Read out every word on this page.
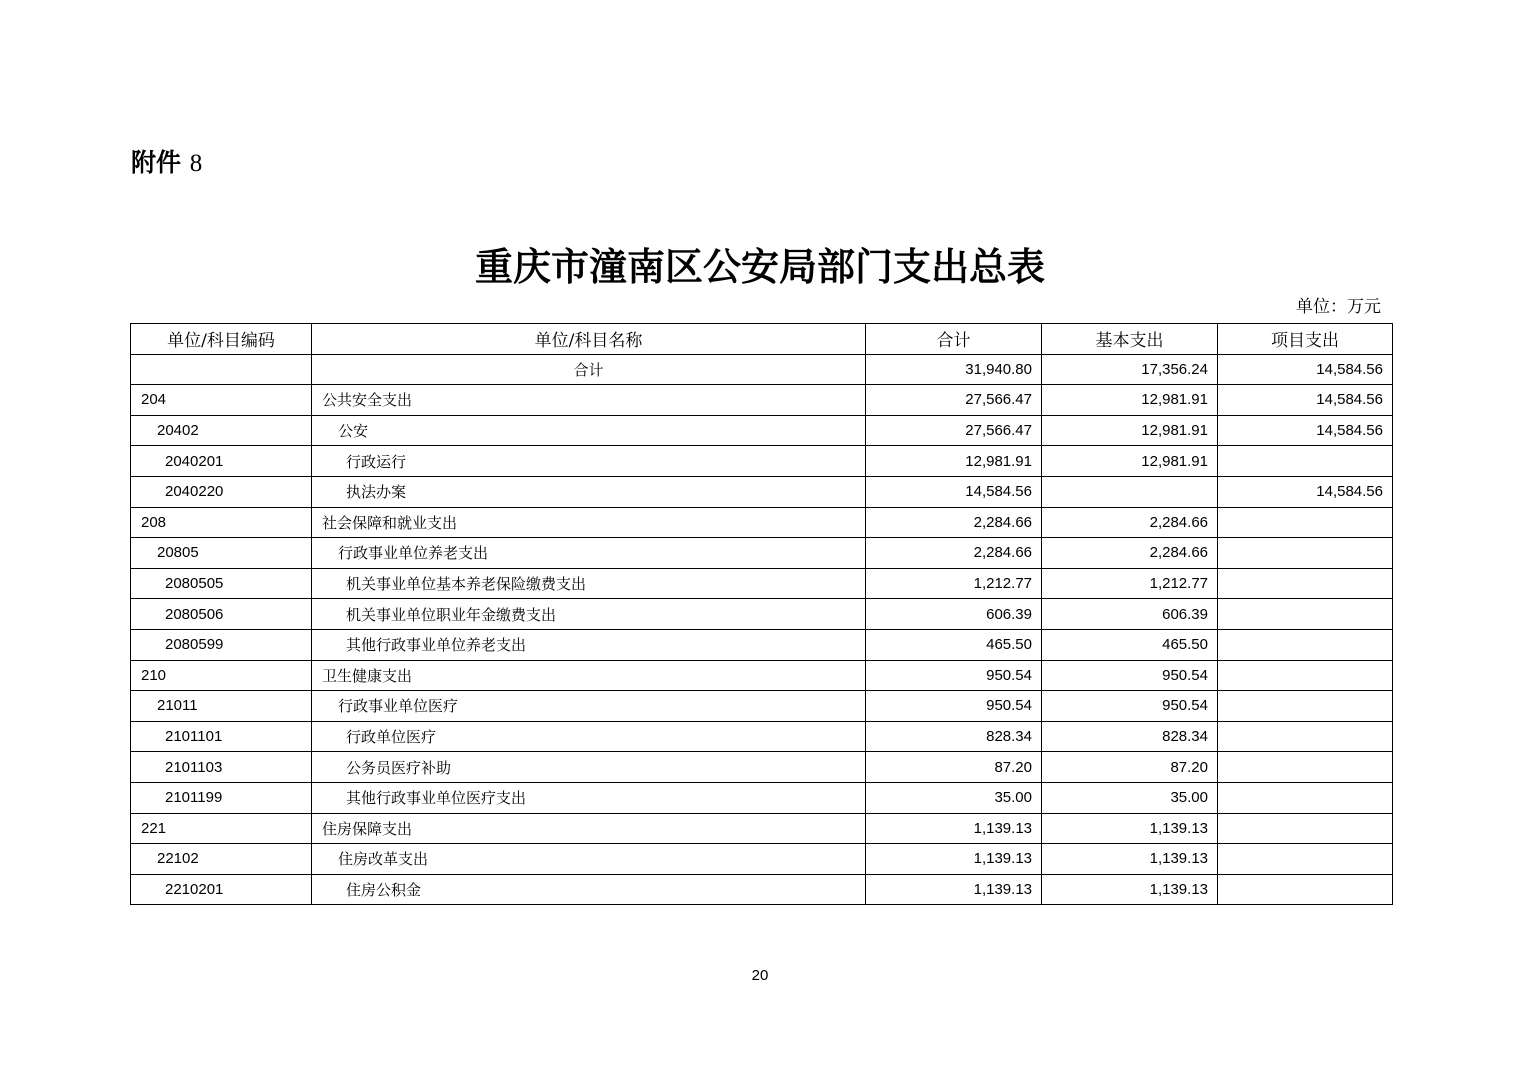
附件 8
重庆市潼南区公安局部门支出总表
单位：万元
单位/科目编码	单位/科目名称	合计	基本支出	项目支出
	合计	31,940.80	17,356.24	14,584.56
204	公共安全支出	27,566.47	12,981.91	14,584.56
20402	公安	27,566.47	12,981.91	14,584.56
2040201	行政运行	12,981.91	12,981.91	
2040220	执法办案	14,584.56		14,584.56
208	社会保障和就业支出	2,284.66	2,284.66	
20805	行政事业单位养老支出	2,284.66	2,284.66	
2080505	机关事业单位基本养老保险缴费支出	1,212.77	1,212.77	
2080506	机关事业单位职业年金缴费支出	606.39	606.39	
2080599	其他行政事业单位养老支出	465.50	465.50	
210	卫生健康支出	950.54	950.54	
21011	行政事业单位医疗	950.54	950.54	
2101101	行政单位医疗	828.34	828.34	
2101103	公务员医疗补助	87.20	87.20	
2101199	其他行政事业单位医疗支出	35.00	35.00	
221	住房保障支出	1,139.13	1,139.13	
22102	住房改革支出	1,139.13	1,139.13	
2210201	住房公积金	1,139.13	1,139.13	
20
